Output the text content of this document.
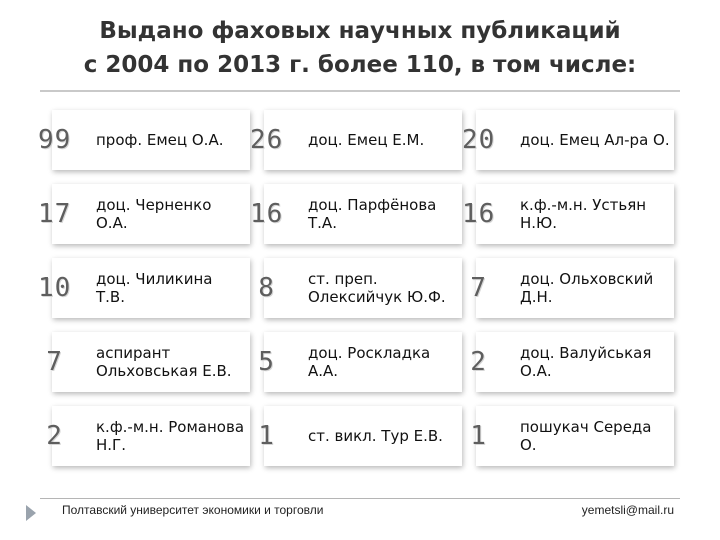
Выдано фаховых научных публикаций
с 2004 по 2013 г. более 110, в том числе:
99	проф. Емец О.А. 26	доц. Емец Е.М. 20	доц. Емец Ал-ра О.
17	доц. Черненко О.А.	16	доц. Парфёнова Т.А.	16	к.ф.-м.н. Устьян Н.Ю.
10	доц. Чиликина Т.В.	8	ст. преп. Олексийчук Ю.Ф. 7	доц. Ольховский Д.Н.
7	аспирант Ольховськая Е.В.	5	доц. Роскладка А.А.	2	доц. Валуйськая О.А.
2	к.ф.-м.н. Романова Н.Г.	1	ст. викл. Тур Е.В.	1	пошукач Середа О.
Полтавский университет экономики и торговли	yemetsli@mail.ru
